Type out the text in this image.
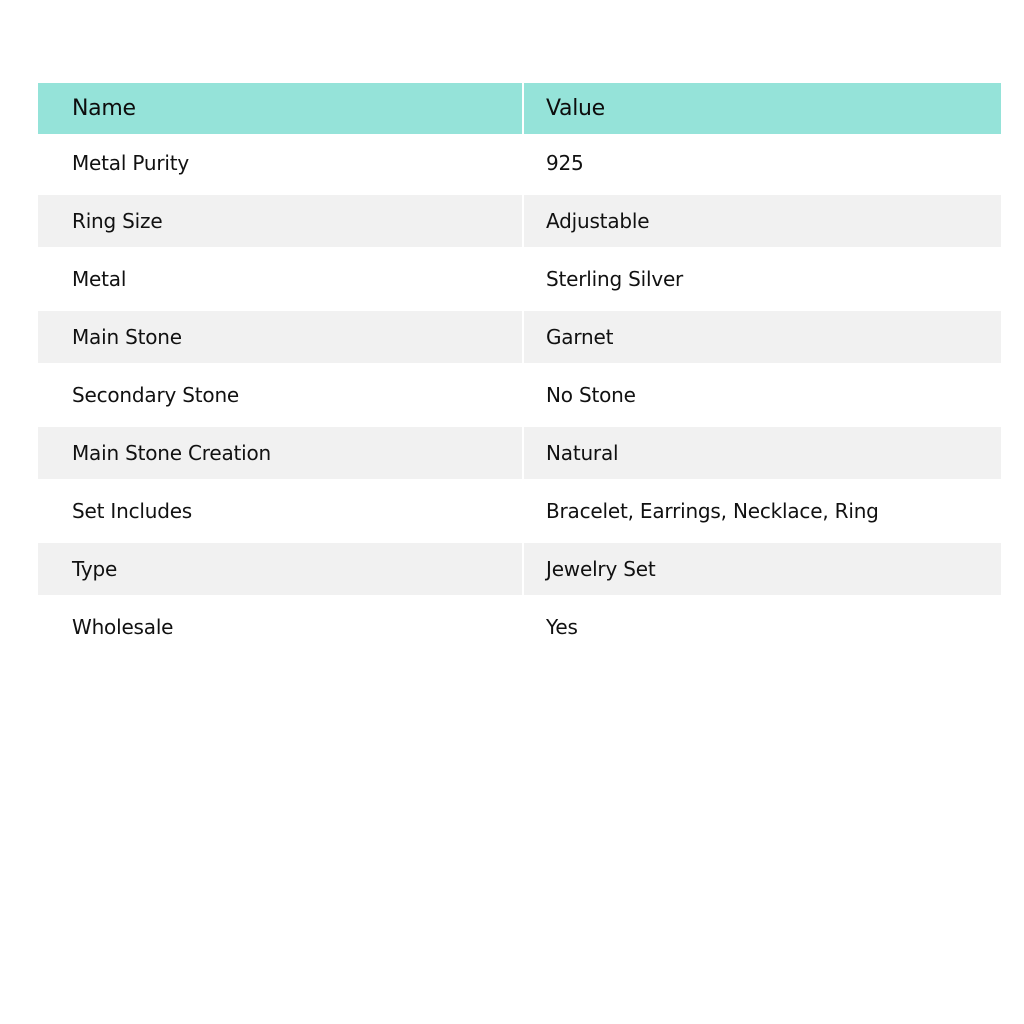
Name	Value
Metal Purity	925
Ring Size	Adjustable
Metal	Sterling Silver
Main Stone	Garnet
Secondary Stone	No Stone
Main Stone Creation	Natural
Set Includes	Bracelet, Earrings, Necklace, Ring
Type	Jewelry Set
Wholesale	Yes
